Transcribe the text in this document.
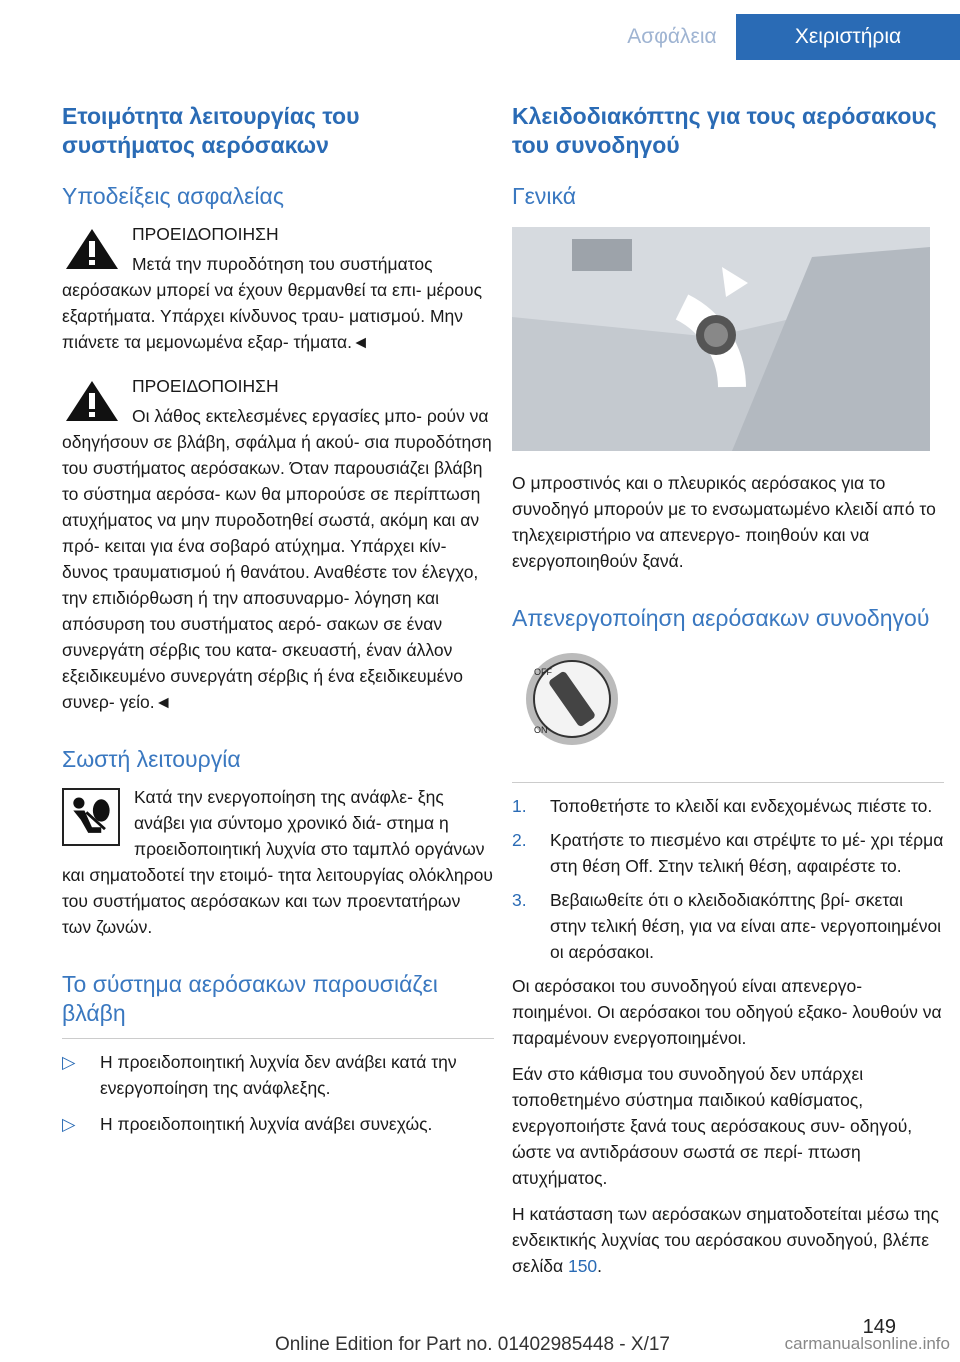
Ασφάλεια	Χειριστήρια
Ετοιμότητα λειτουργίας του συστήματος αερόσακων
Υποδείξεις ασφαλείας

ΠΡΟΕΙΔΟΠΟΙΗΣΗ

Μετά την πυροδότηση του συστήματος αερόσακων μπορεί να έχουν θερμανθεί τα επι- μέρους εξαρτήματα. Υπάρχει κίνδυνος τραυ- ματισμού. Μην πιάνετε τα μεμονωμένα εξαρ- τήματα.◄

ΠΡΟΕΙΔΟΠΟΙΗΣΗ

Οι λάθος εκτελεσμένες εργασίες μπο- ρούν να οδηγήσουν σε βλάβη, σφάλμα ή ακού- σια πυροδότηση του συστήματος αερόσακων. Όταν παρουσιάζει βλάβη το σύστημα αερόσα- κων θα μπορούσε σε περίπτωση ατυχήματος να μην πυροδοτηθεί σωστά, ακόμη και αν πρό- κειται για ένα σοβαρό ατύχημα. Υπάρχει κίν- δυνος τραυματισμού ή θανάτου. Αναθέστε τον έλεγχο, την επιδιόρθωση ή την αποσυναρμο- λόγηση και απόσυρση του συστήματος αερό- σακων σε έναν συνεργάτη σέρβις του κατα- σκευαστή, έναν άλλον εξειδικευμένο συνεργάτη σέρβις ή ένα εξειδικευμένο συνερ- γείο.◄

Σωστή λειτουργία

Κατά την ενεργοποίηση της ανάφλε- ξης ανάβει για σύντομο χρονικό διά- στημα η προειδοποιητική λυχνία στο ταμπλό οργάνων και σηματοδοτεί την ετοιμό- τητα λειτουργίας ολόκληρου του συστήματος αερόσακων και των προεντατήρων των ζωνών.

Το σύστημα αερόσακων παρουσιάζει βλάβη
▷ Η προειδοποιητική λυχνία δεν ανάβει κατά την ενεργοποίηση της ανάφλεξης.
▷ Η προειδοποιητική λυχνία ανάβει συνεχώς.
Κλειδοδιακόπτης για τους αερόσακους του συνοδηγού
Γενικά

Ο μπροστινός και ο πλευρικός αερόσακος για το συνοδηγό μπορούν με το ενσωματωμένο κλειδί από το τηλεχειριστήριο να απενεργο- ποιηθούν και να ενεργοποιηθούν ξανά.

Απενεργοποίηση αερόσακων συνοδηγού
OFF
ON
1. Τοποθετήστε το κλειδί και ενδεχομένως πιέστε το.
2. Κρατήστε το πιεσμένο και στρέψτε το μέ- χρι τέρμα στη θέση Off. Στην τελική θέση, αφαιρέστε το.
3. Βεβαιωθείτε ότι ο κλειδοδιακόπτης βρί- σκεται στην τελική θέση, για να είναι απε- νεργοποιημένοι οι αερόσακοι.

Οι αερόσακοι του συνοδηγού είναι απενεργο- ποιημένοι. Οι αερόσακοι του οδηγού εξακο- λουθούν να παραμένουν ενεργοποιημένοι.

Εάν στο κάθισμα του συνοδηγού δεν υπάρχει τοποθετημένο σύστημα παιδικού καθίσματος, ενεργοποιήστε ξανά τους αερόσακους συν- οδηγού, ώστε να αντιδράσουν σωστά σε περί- πτωση ατυχήματος.

Η κατάσταση των αερόσακων σηματοδοτείται μέσω της ενδεικτικής λυχνίας του αερόσακου συνοδηγού, βλέπε σελίδα 150.

149
Online Edition for Part no. 01402985448 - X/17	carmanualsonline.info
